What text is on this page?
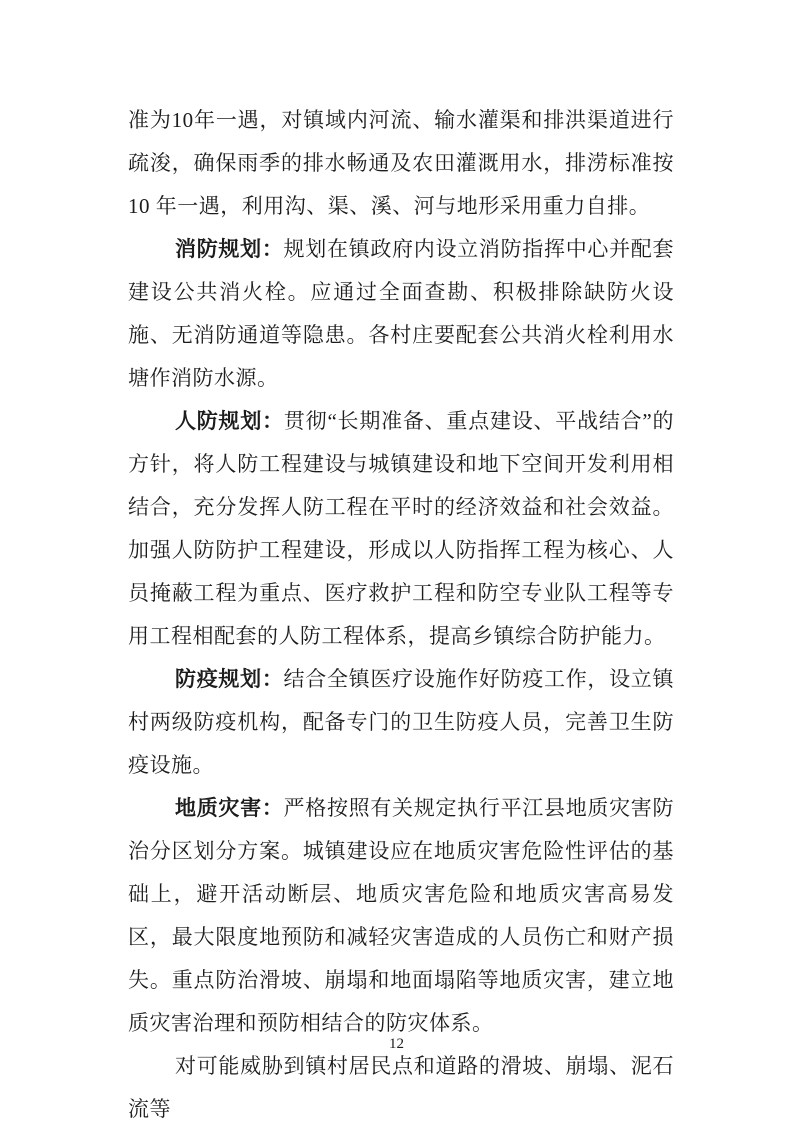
准为10年一遇，对镇域内河流、输水灌渠和排洪渠道进行疏浚，确保雨季的排水畅通及农田灌溉用水，排涝标准按 10 年一遇，利用沟、渠、溪、河与地形采用重力自排。

消防规划：规划在镇政府内设立消防指挥中心并配套建设公共消火栓。应通过全面查勘、积极排除缺防火设施、无消防通道等隐患。各村庄要配套公共消火栓利用水塘作消防水源。

人防规划：贯彻“长期准备、重点建设、平战结合”的方针，将人防工程建设与城镇建设和地下空间开发利用相结合，充分发挥人防工程在平时的经济效益和社会效益。加强人防防护工程建设，形成以人防指挥工程为核心、人员掩蔽工程为重点、医疗救护工程和防空专业队工程等专用工程相配套的人防工程体系，提高乡镇综合防护能力。

防疫规划：结合全镇医疗设施作好防疫工作，设立镇村两级防疫机构，配备专门的卫生防疫人员，完善卫生防疫设施。

地质灾害：严格按照有关规定执行平江县地质灾害防治分区划分方案。城镇建设应在地质灾害危险性评估的基础上，避开活动断层、地质灾害危险和地质灾害高易发区，最大限度地预防和减轻灾害造成的人员伤亡和财产损失。重点防治滑坡、崩塌和地面塌陷等地质灾害，建立地质灾害治理和预防相结合的防灾体系。

对可能威胁到镇村居民点和道路的滑坡、崩塌、泥石流等

12
